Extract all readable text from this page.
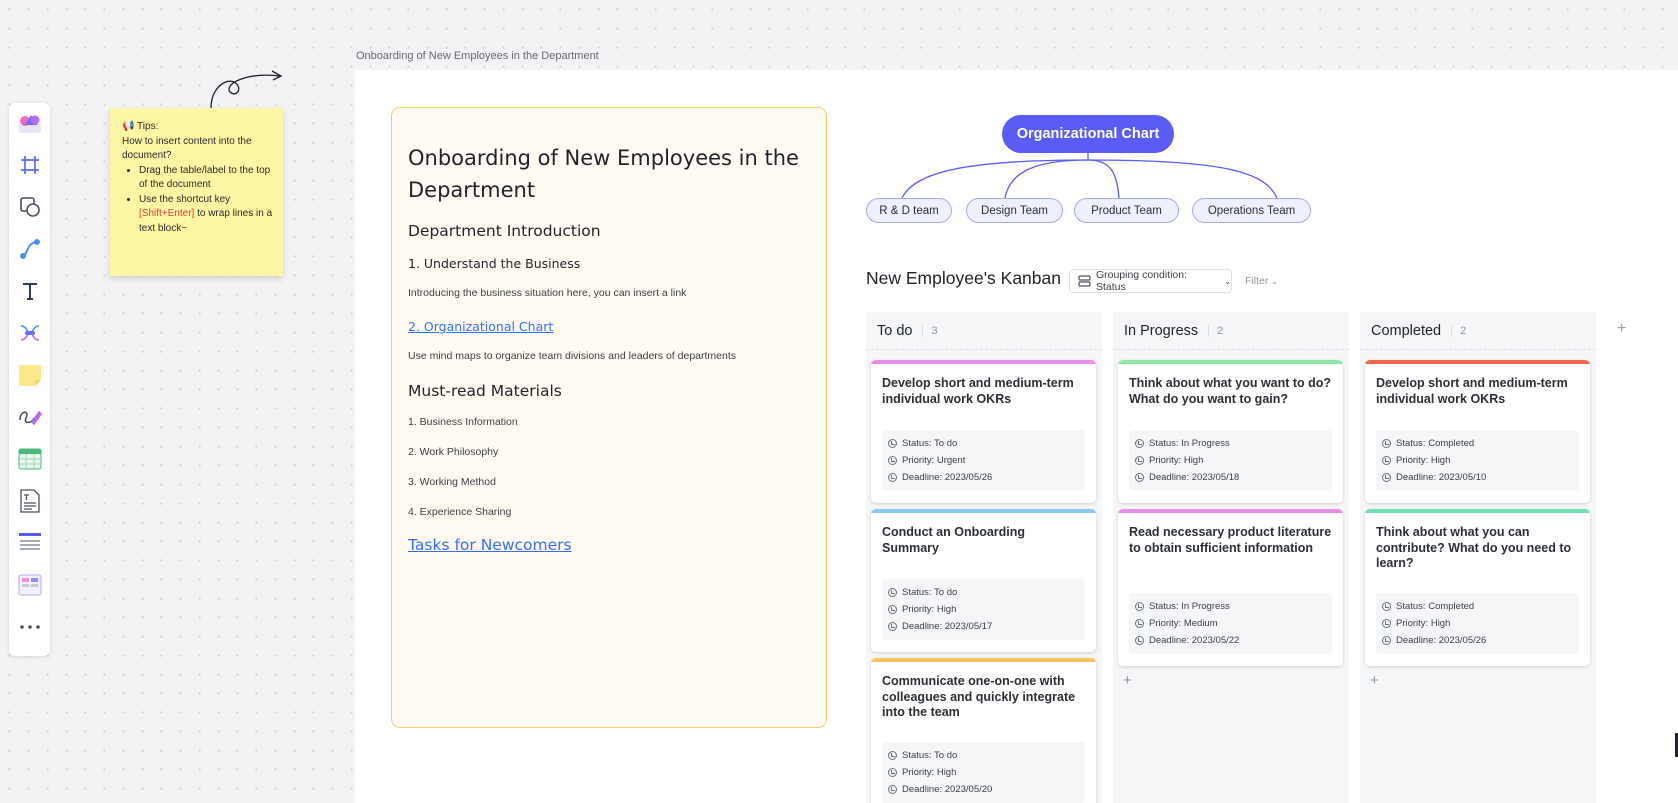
Onboarding of New Employees in the Department
📢 Tips:
How to insert content into the document?
• Drag the table/label to the top of the document
• Use the shortcut key [Shift+Enter] to wrap lines in a text block~
Onboarding of New Employees in the Department
Department Introduction
1. Understand the Business

Introducing the business situation here, you can insert a link

2. Organizational Chart

Use mind maps to organize team divisions and leaders of departments

Must-read Materials
1. Business Information
2. Work Philosophy
3. Working Method
4. Experience Sharing
Tasks for Newcomers
Organizational Chart
R & D team	Design Team	Product Team	Operations Team
New Employee's Kanban	Grouping condition: Status	⌄ Filter ⌄
+
To do	3
Develop short and medium-term individual work OKRs
Status: To do
Priority: Urgent
Deadline: 2023/05/26
Conduct an Onboarding Summary
Status: To do
Priority: High
Deadline: 2023/05/17
Communicate one-on-one with colleagues and quickly integrate into the team
Status: To do
Priority: High
Deadline: 2023/05/20
In Progress	2
Think about what you want to do? What do you want to gain?
Status: In Progress
Priority: High
Deadline: 2023/05/18
Read necessary product literature to obtain sufficient information
Status: In Progress
Priority: Medium
Deadline: 2023/05/22
+
Completed	2
Develop short and medium-term individual work OKRs
Status: Completed
Priority: High
Deadline: 2023/05/10
Think about what you can contribute? What do you need to learn?
Status: Completed
Priority: High
Deadline: 2023/05/26
+
